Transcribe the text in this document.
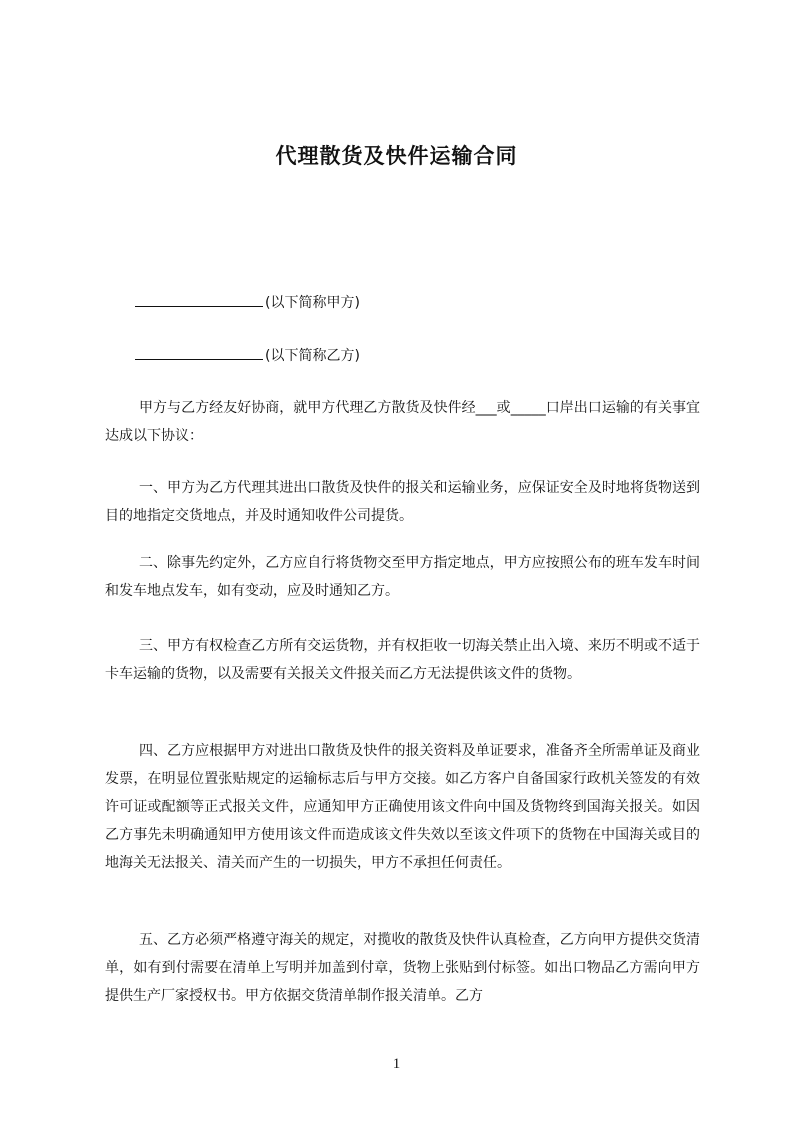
代理散货及快件运输合同
(以下简称甲方)
(以下简称乙方)

甲方与乙方经友好协商，就甲方代理乙方散货及快件经___或_____口岸出口运输的有关事宜达成以下协议：

一、甲方为乙方代理其进出口散货及快件的报关和运输业务，应保证安全及时地将货物送到目的地指定交货地点，并及时通知收件公司提货。

二、除事先约定外，乙方应自行将货物交至甲方指定地点，甲方应按照公布的班车发车时间和发车地点发车，如有变动，应及时通知乙方。

三、甲方有权检查乙方所有交运货物，并有权拒收一切海关禁止出入境、来历不明或不适于卡车运输的货物，以及需要有关报关文件报关而乙方无法提供该文件的货物。

四、乙方应根据甲方对进出口散货及快件的报关资料及单证要求，准备齐全所需单证及商业发票，在明显位置张贴规定的运输标志后与甲方交接。如乙方客户自备国家行政机关签发的有效许可证或配额等正式报关文件，应通知甲方正确使用该文件向中国及货物终到国海关报关。如因乙方事先未明确通知甲方使用该文件而造成该文件失效以至该文件项下的货物在中国海关或目的地海关无法报关、清关而产生的一切损失，甲方不承担任何责任。

五、乙方必须严格遵守海关的规定，对揽收的散货及快件认真检查，乙方向甲方提供交货清单，如有到付需要在清单上写明并加盖到付章，货物上张贴到付标签。如出口物品乙方需向甲方提供生产厂家授权书。甲方依据交货清单制作报关清单。乙方

1
